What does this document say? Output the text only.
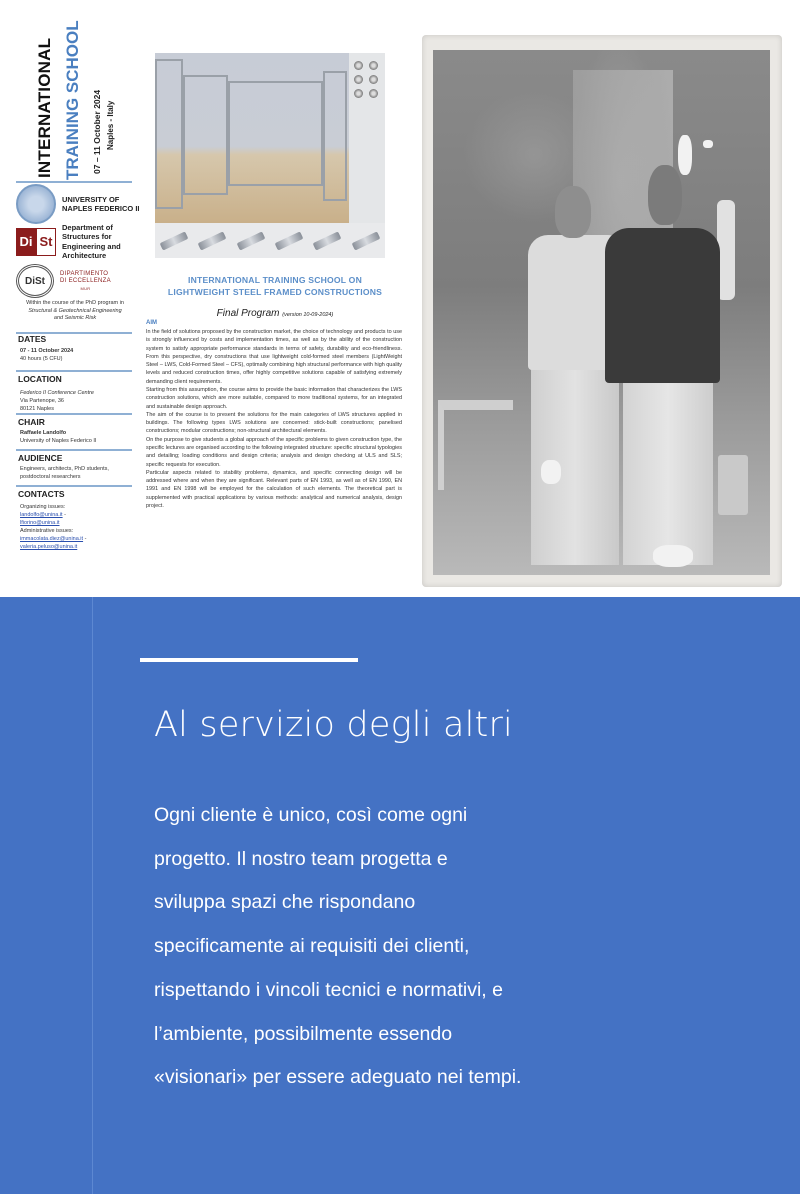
INTERNATIONAL TRAINING SCHOOL 07 – 11 October 2024 Naples - Italy
UNIVERSITY OF
NAPLES FEDERICO II
Di St
Department of
Structures for
Engineering and
Architecture
DiSt
DIPARTIMENTO
DI ECCELLENZA
MUR
Within the course of the PhD program in
Structural & Geotechnical Engineering
and Seismic Risk
DATES
07 - 11 October 2024
40 hours (5 CFU)
LOCATION
Federico II Conference Centre
Via Partenope, 36
80121 Naples
CHAIR
Raffaele Landolfo
University of Naples Federico II
AUDIENCE
Engineers, architects, PhD students,
postdoctoral researchers
CONTACTS
Organizing issues:
landolfo@unina.it -
lfiorino@unina.it
Administrative issues:
immacolata.diez@unina.it -
valeria.peluso@unina.it
INTERNATIONAL TRAINING SCHOOL ON
LIGHTWEIGHT STEEL FRAMED CONSTRUCTIONS
Final Program (version 10-09-2024)
AIM

In the field of solutions proposed by the construction market, the choice of technology and products to use is strongly influenced by costs and implementation times, as well as by the ability of the construction system to satisfy appropriate performance standards in terms of safety, durability and eco-friendliness. From this perspective, dry constructions that use lightweight cold-formed steel members (LightWeight Steel – LWS, Cold-Formed Steel – CFS), optimally combining high structural performance with high quality levels and reduced construction times, offer highly competitive solutions capable of satisfying extremely demanding client requirements.

Starting from this assumption, the course aims to provide the basic information that characterizes the LWS construction solutions, which are more suitable, compared to more traditional systems, for an integrated and sustainable design approach.

The aim of the course is to present the solutions for the main categories of LWS structures applied in buildings. The following types LWS solutions are concerned: stick-built constructions; panelised constructions; modular constructions; non-structural architectural elements.

On the purpose to give students a global approach of the specific problems to given construction type, the specific lectures are organised according to the following integrated structure: specific structural typologies and detailing; loading conditions and design criteria; analysis and design checking at ULS and SLS; specific requests for execution.

Particular aspects related to stability problems, dynamics, and specific connecting design will be addressed where and when they are significant. Relevant parts of EN 1993, as well as of EN 1990, EN 1991 and EN 1998 will be employed for the calculation of such elements. The theoretical part is supplemented with practical applications by various methods: analytical and numerical analysis, design project.

Al servizio degli altri
Ogni cliente è unico, così come ogni
progetto. Il nostro team progetta e
sviluppa spazi che rispondano
specificamente ai requisiti dei clienti,
rispettando i vincoli tecnici e normativi, e
l’ambiente, possibilmente essendo
«visionari» per essere adeguato nei tempi.
